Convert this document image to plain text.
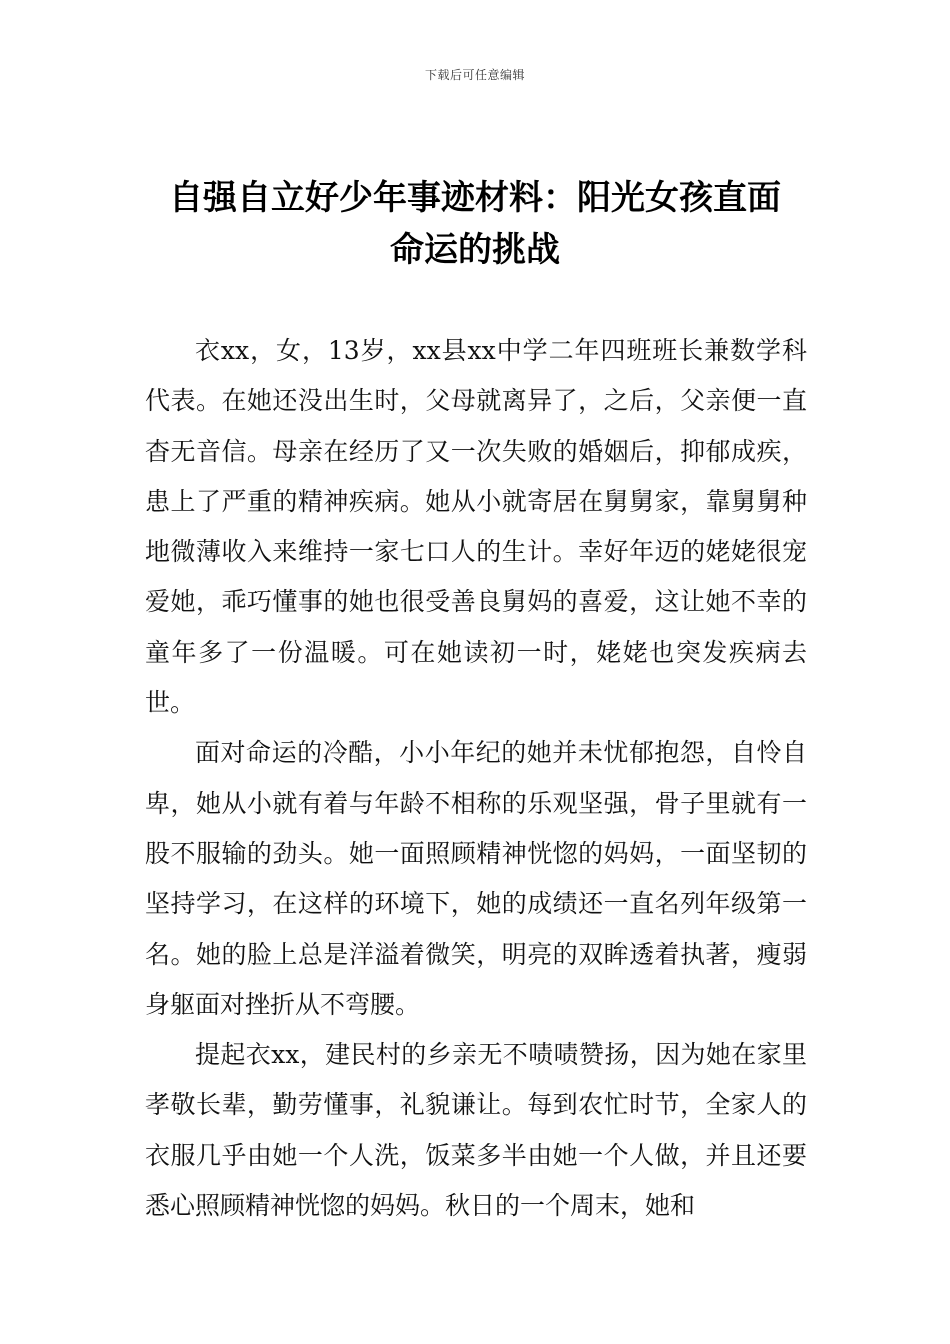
下载后可任意编辑
自强自立好少年事迹材料：阳光女孩直面
命运的挑战

衣xx，女，13岁，xx县xx中学二年四班班长兼数学科代表。在她还没出生时，父母就离异了，之后，父亲便一直杳无音信。母亲在经历了又一次失败的婚姻后，抑郁成疾，患上了严重的精神疾病。她从小就寄居在舅舅家，靠舅舅种地微薄收入来维持一家七口人的生计。幸好年迈的姥姥很宠爱她，乖巧懂事的她也很受善良舅妈的喜爱，这让她不幸的童年多了一份温暖。可在她读初一时，姥姥也突发疾病去世。

面对命运的冷酷，小小年纪的她并未忧郁抱怨，自怜自卑，她从小就有着与年龄不相称的乐观坚强，骨子里就有一股不服输的劲头。她一面照顾精神恍惚的妈妈，一面坚韧的坚持学习，在这样的环境下，她的成绩还一直名列年级第一名。她的脸上总是洋溢着微笑，明亮的双眸透着执著，瘦弱身躯面对挫折从不弯腰。

提起衣xx，建民村的乡亲无不啧啧赞扬，因为她在家里孝敬长辈，勤劳懂事，礼貌谦让。每到农忙时节，全家人的衣服几乎由她一个人洗，饭菜多半由她一个人做，并且还要悉心照顾精神恍惚的妈妈。秋日的一个周末，她和
